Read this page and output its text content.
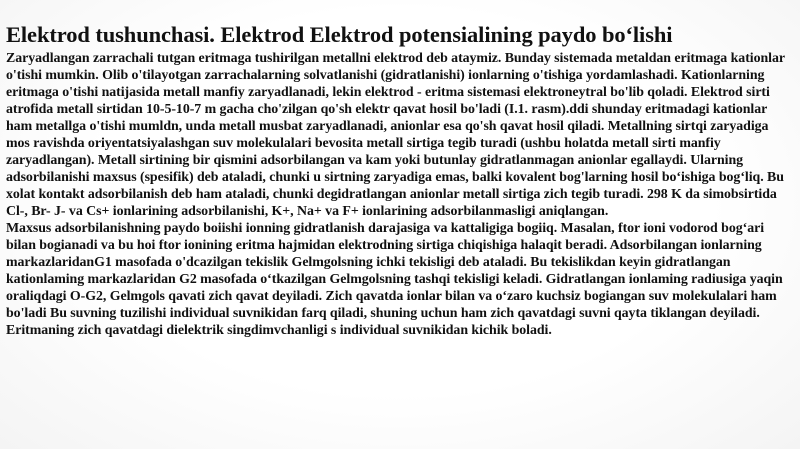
Elektrod tushunchasi. Elektrod Elektrod potensialining paydo bo‘lishi

Zaryadlangan zarrachali tutgan eritmaga tushirilgan metallni elektrod deb ataymiz. Bunday sistemada metaldan eritmaga kationlar o'tishi mumkin. Olib o'tilayotgan zarrachalarning solvatlanishi (gidratlanishi) ionlarning o'tishiga yordamlashadi. Kationlarning eritmaga o'tishi natijasida metall manfiy zaryadlanadi, lekin elektrod - eritma sistemasi elektroneytral bo'lib qoladi. Elektrod sirti atrofida metall sirtidan 10-5-10-7 m gacha cho'zilgan qo'sh elektr qavat hosil bo'ladi (I.1. rasm).ddi shunday eritmadagi kationlar ham metallga o'tishi mumldn, unda metall musbat zaryadlanadi, anionlar esa qo'sh qavat hosil qiladi. Metallning sirtqi zaryadiga mos ravishda oriyentatsiyalashgan suv molekulalari bevosita metall sirtiga tegib turadi (ushbu holatda metall sirti manfiy zaryadlangan). Metall sirtining bir qismini adsorbilangan va kam yoki butunlay gidratlanmagan anionlar egallaydi. Ularning adsorbilanishi maxsus (spesifik) deb ataladi, chunki u sirtning zaryadiga emas, balki kovalent bog'larning hosil bo‘ishiga bog‘liq. Bu xolat kontakt adsorbilanish deb ham ataladi, chunki degidratlangan anionlar metall sirtiga zich tegib turadi. 298 K da simobsirtida Cl-, Br- J- va Cs+ ionlarining adsorbilanishi, K+, Na+ va F+ ionlarining adsorbilanmasligi aniqlangan.

Maxsus adsorbilanishning paydo boiishi ionning gidratlanish darajasiga va kattaligiga bogiiq. Masalan, ftor ioni vodorod bog‘ari bilan bogianadi va bu hoi ftor ionining eritma hajmidan elektrodning sirtiga chiqishiga halaqit beradi. Adsorbilangan ionlarning markazlaridanG1 masofada o'dcazilgan tekislik Gelmgolsning ichki tekisligi deb ataladi. Bu tekislikdan keyin gidratlangan kationlaming markazlaridan G2 masofada o‘tkazilgan Gelmgolsning tashqi tekisligi keladi. Gidratlangan ionlaming radiusiga yaqin oraliqdagi O-G2, Gelmgols qavati zich qavat deyiladi. Zich qavatda ionlar bilan va o‘zaro kuchsiz bogiangan suv molekulalari ham bo'ladi Bu suvning tuzilishi individual suvnikidan farq qiladi, shuning uchun ham zich qavatdagi suvni qayta tiklangan deyiladi. Eritmaning zich qavatdagi dielektrik singdimvchanligi s individual suvnikidan kichik boladi.
